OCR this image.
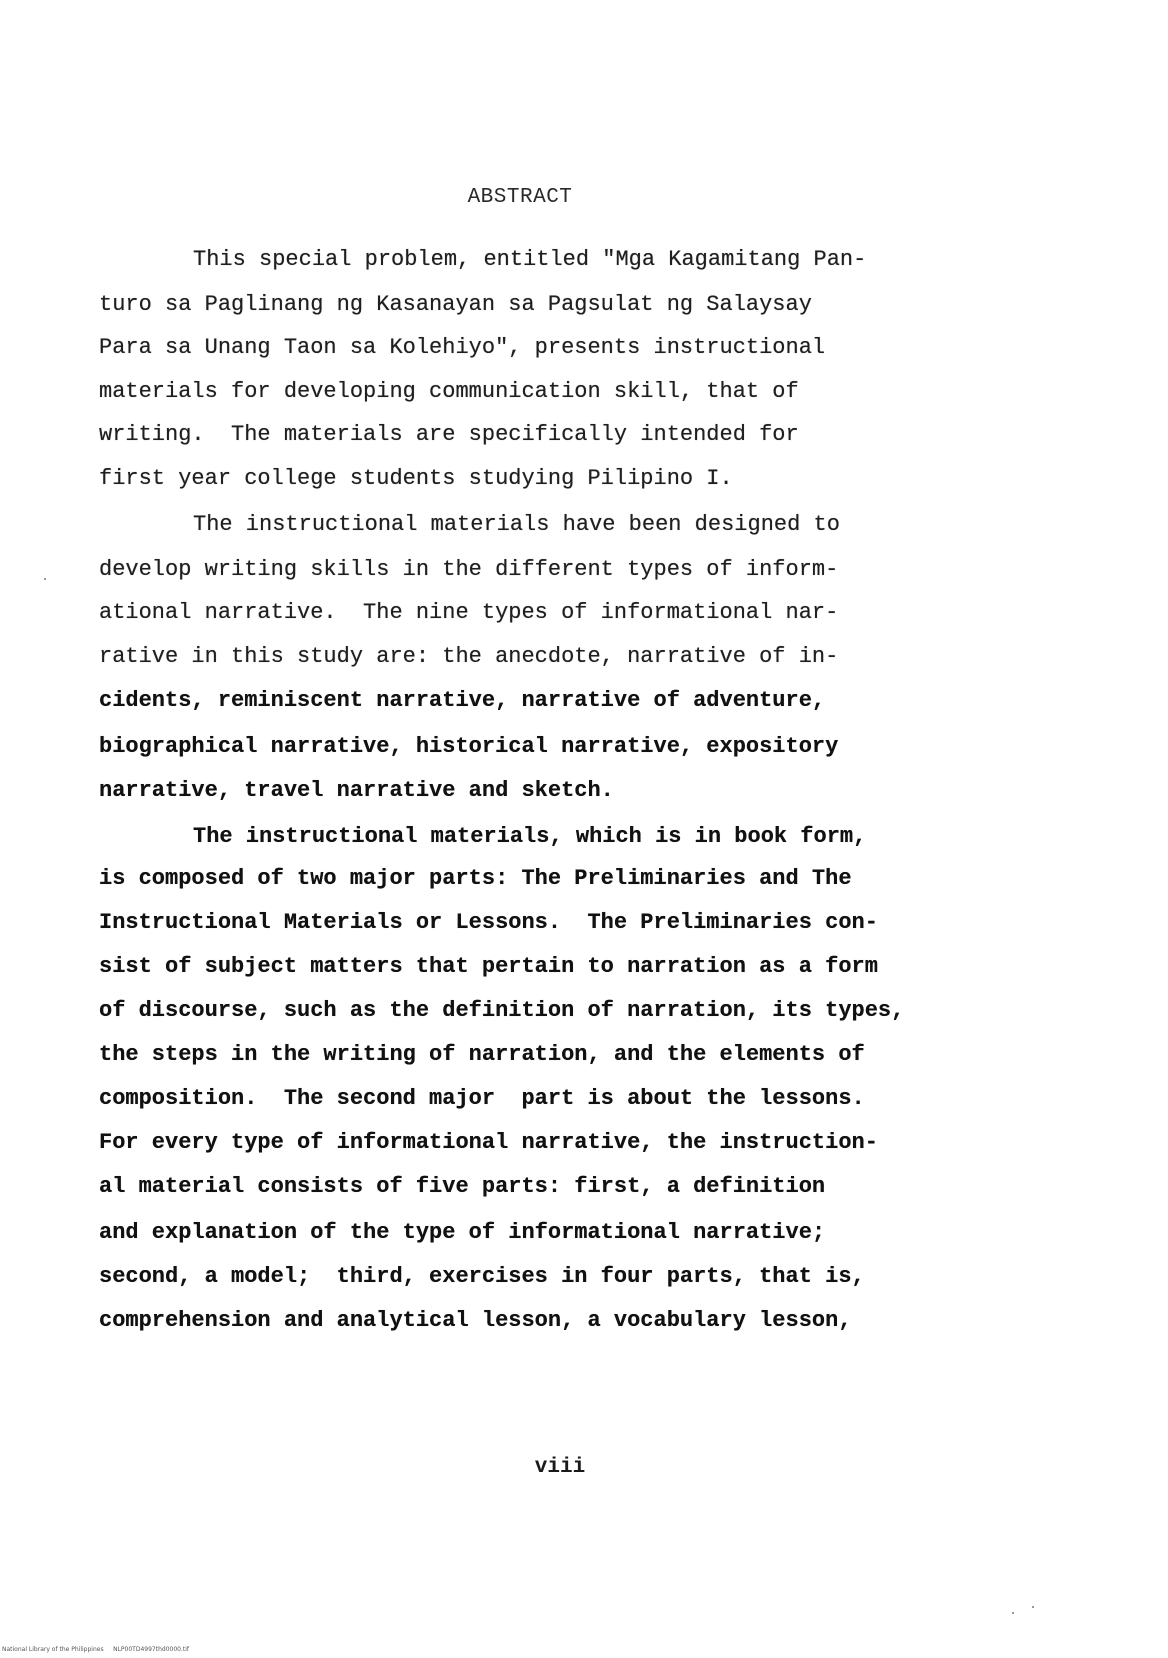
ABSTRACT
This special problem, entitled "Mga Kagamitang Pan-
turo sa Paglinang ng Kasanayan sa Pagsulat ng Salaysay
Para sa Unang Taon sa Kolehiyo", presents instructional
materials for developing communication skill, that of
writing.  The materials are specifically intended for
first year college students studying Pilipino I.
The instructional materials have been designed to
develop writing skills in the different types of inform-
ational narrative.  The nine types of informational nar-
rative in this study are: the anecdote, narrative of in-
cidents, reminiscent narrative, narrative of adventure,
biographical narrative, historical narrative, expository
narrative, travel narrative and sketch.
The instructional materials, which is in book form,
is composed of two major parts: The Preliminaries and The
Instructional Materials or Lessons.  The Preliminaries con-
sist of subject matters that pertain to narration as a form
of discourse, such as the definition of narration, its types,
the steps in the writing of narration, and the elements of
composition.  The second major  part is about the lessons.
For every type of informational narrative, the instruction-
al material consists of five parts: first, a definition
and explanation of the type of informational narrative;
second, a model;  third, exercises in four parts, that is,
comprehension and analytical lesson, a vocabulary lesson,
viii
National Library of the Philippines     NLP00TD4997thd0000.tif
